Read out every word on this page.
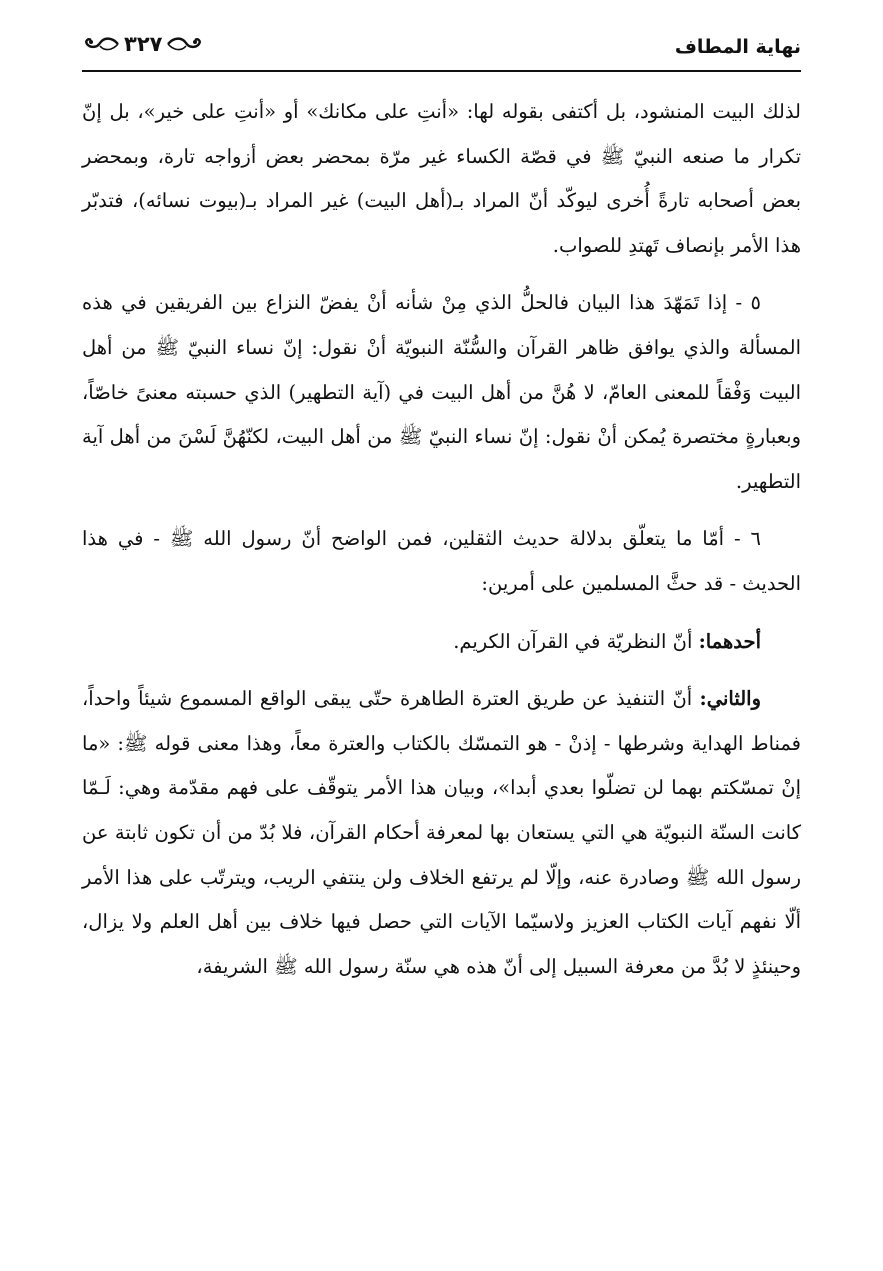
نهاية المطاف
٣٢٧

لذلك البيت المنشود، بل أكتفى بقوله لها: «أنتِ على مكانك» أو «أنتِ على خير»، بل إنّ تكرار ما صنعه النبيّ ﷺ في قصّة الكساء غير مرّة بمحضر بعض أزواجه تارة، وبمحضر بعض أصحابه تارةً أُخرى ليوكّد أنّ المراد بـ(أهل البيت) غير المراد بـ(بيوت نسائه)، فتدبّر هذا الأمر بإنصاف تَهتدِ للصواب.

٥ - إذا تَمَهّدَ هذا البيان فالحلُّ الذي مِنْ شأنه أنْ يفضّ النزاع بين الفريقين في هذه المسألة والذي يوافق ظاهر القرآن والسُّنّة النبويّة أنْ نقول: إنّ نساء النبيّ ﷺ من أهل البيت وَفْقاً للمعنى العامّ، لا هُنَّ من أهل البيت في (آية التطهير) الذي حسبته معنىً خاصّاً، وبعبارةٍ مختصرة يُمكن أنْ نقول: إنّ نساء النبيّ ﷺ من أهل البيت، لكنّهُنَّ لَسْنَ من أهل آية التطهير.

٦ - أمّا ما يتعلّق بدلالة حديث الثقلين، فمن الواضح أنّ رسول الله ﷺ - في هذا الحديث - قد حثَّ المسلمين على أمرين:

أحدهما: أنّ النظريّة في القرآن الكريم.

والثاني: أنّ التنفيذ عن طريق العترة الطاهرة حتّى يبقى الواقع المسموع شيئاً واحداً، فمناط الهداية وشرطها - إذنْ - هو التمسّك بالكتاب والعترة معاً، وهذا معنى قوله ﷺ: «ما إنْ تمسّكتم بهما لن تضلّوا بعدي أبدا»، وبيان هذا الأمر يتوقّف على فهم مقدّمة وهي: لَـمّا كانت السنّة النبويّة هي التي يستعان بها لمعرفة أحكام القرآن، فلا بُدّ من أن تكون ثابتة عن رسول الله ﷺ وصادرة عنه، وإلّا لم يرتفع الخلاف ولن ينتفي الريب، ويترتّب على هذا الأمر ألّا نفهم آيات الكتاب العزيز ولاسيّما الآيات التي حصل فيها خلاف بين أهل العلم ولا يزال، وحينئذٍ لا بُدَّ من معرفة السبيل إلى أنّ هذه هي سنّة رسول الله ﷺ الشريفة،
